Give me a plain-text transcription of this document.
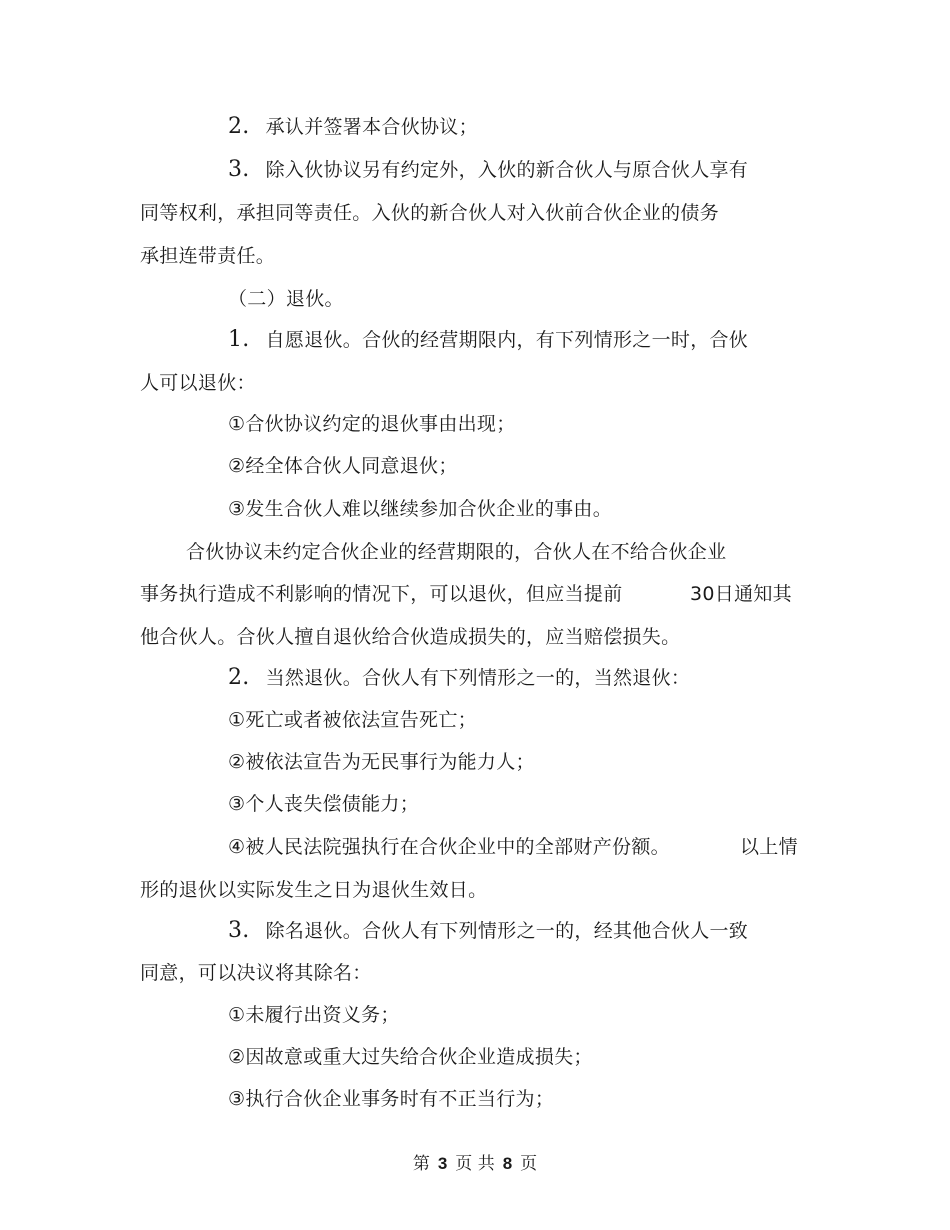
2. 承认并签署本合伙协议；

3. 除入伙协议另有约定外，入伙的新合伙人与原合伙人享有

同等权利，承担同等责任。入伙的新合伙人对入伙前合伙企业的债务

承担连带责任。

（二）退伙。

1. 自愿退伙。合伙的经营期限内，有下列情形之一时，合伙

人可以退伙：

①合伙协议约定的退伙事由出现；

②经全体合伙人同意退伙；

③发生合伙人难以继续参加合伙企业的事由。

合伙协议未约定合伙企业的经营期限的，合伙人在不给合伙企业

事务执行造成不利影响的情况下，可以退伙，但应当提前	30日通知其

他合伙人。合伙人擅自退伙给合伙造成损失的，应当赔偿损失。

2. 当然退伙。合伙人有下列情形之一的，当然退伙：

①死亡或者被依法宣告死亡；

②被依法宣告为无民事行为能力人；

③个人丧失偿债能力；

④被人民法院强执行在合伙企业中的全部财产份额。	以上情

形的退伙以实际发生之日为退伙生效日。

3. 除名退伙。合伙人有下列情形之一的，经其他合伙人一致

同意，可以决议将其除名：

①未履行出资义务；

②因故意或重大过失给合伙企业造成损失；

③执行合伙企业事务时有不正当行为；

第 3 页 共 8 页
